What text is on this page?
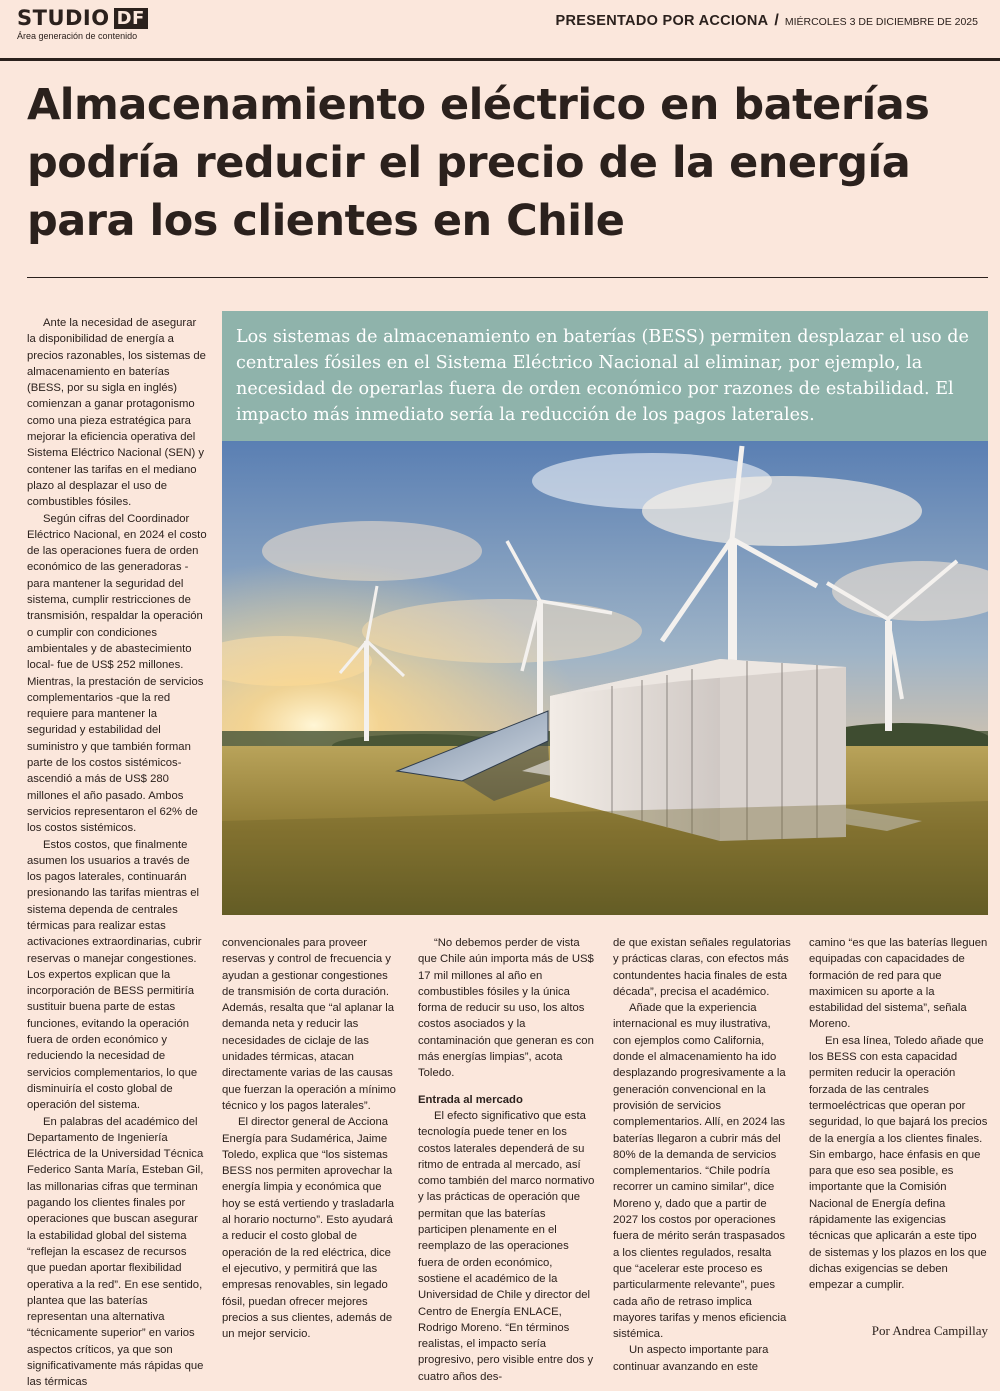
STUDIO DF
Área generación de contenido
PRESENTADO POR ACCIONA / MIÉRCOLES 3 DE DICIEMBRE DE 2025
Almacenamiento eléctrico en baterías podría reducir el precio de la energía para los clientes en Chile

Ante la necesidad de asegurar la disponibilidad de energía a precios razonables, los sistemas de almacenamiento en baterías (BESS, por su sigla en inglés) comienzan a ganar protagonismo como una pieza estratégica para mejorar la eficiencia operativa del Sistema Eléctrico Nacional (SEN) y contener las tarifas en el mediano plazo al desplazar el uso de combustibles fósiles.

Según cifras del Coordinador Eléctrico Nacional, en 2024 el costo de las operaciones fuera de orden económico de las generadoras -para mantener la seguridad del sistema, cumplir restricciones de transmisión, respaldar la operación o cumplir con condiciones ambientales y de abastecimiento local- fue de US$ 252 millones. Mientras, la prestación de servicios complementarios -que la red requiere para mantener la seguridad y estabilidad del suministro y que también forman parte de los costos sistémicos- ascendió a más de US$ 280 millones el año pasado. Ambos servicios representaron el 62% de los costos sistémicos.

Estos costos, que finalmente asumen los usuarios a través de los pagos laterales, continuarán presionando las tarifas mientras el sistema dependa de centrales térmicas para realizar estas activaciones extraordinarias, cubrir reservas o manejar congestiones. Los expertos explican que la incorporación de BESS permitiría sustituir buena parte de estas funciones, evitando la operación fuera de orden económico y reduciendo la necesidad de servicios complementarios, lo que disminuiría el costo global de operación del sistema.

En palabras del académico del Departamento de Ingeniería Eléctrica de la Universidad Técnica Federico Santa María, Esteban Gil, las millonarias cifras que terminan pagando los clientes finales por operaciones que buscan asegurar la estabilidad global del sistema “reflejan la escasez de recursos que puedan aportar flexibilidad operativa a la red”. En ese sentido, plantea que las baterías representan una alternativa “técnicamente superior” en varios aspectos críticos, ya que son significativamente más rápidas que las térmicas

Los sistemas de almacenamiento en baterías (BESS) permiten desplazar el uso de centrales fósiles en el Sistema Eléctrico Nacional al eliminar, por ejemplo, la necesidad de operarlas fuera de orden económico por razones de estabilidad. El impacto más inmediato sería la reducción de los pagos laterales.

convencionales para proveer reservas y control de frecuencia y ayudan a gestionar congestiones de transmisión de corta duración. Además, resalta que “al aplanar la demanda neta y reducir las necesidades de ciclaje de las unidades térmicas, atacan directamente varias de las causas que fuerzan la operación a mínimo técnico y los pagos laterales”.

El director general de Acciona Energía para Sudamérica, Jaime Toledo, explica que “los sistemas BESS nos permiten aprovechar la energía limpia y económica que hoy se está vertiendo y trasladarla al horario nocturno”. Esto ayudará a reducir el costo global de operación de la red eléctrica, dice el ejecutivo, y permitirá que las empresas renovables, sin legado fósil, puedan ofrecer mejores precios a sus clientes, además de un mejor servicio.

“No debemos perder de vista que Chile aún importa más de US$ 17 mil millones al año en combustibles fósiles y la única forma de reducir su uso, los altos costos asociados y la contaminación que generan es con más energías limpias”, acota Toledo.

Entrada al mercado

El efecto significativo que esta tecnología puede tener en los costos laterales dependerá de su ritmo de entrada al mercado, así como también del marco normativo y las prácticas de operación que permitan que las baterías participen plenamente en el reemplazo de las operaciones fuera de orden económico, sostiene el académico de la Universidad de Chile y director del Centro de Energía ENLACE, Rodrigo Moreno. “En términos realistas, el impacto sería progresivo, pero visible entre dos y cuatro años des-

de que existan señales regulatorias y prácticas claras, con efectos más contundentes hacia finales de esta década”, precisa el académico.

Añade que la experiencia internacional es muy ilustrativa, con ejemplos como California, donde el almacenamiento ha ido desplazando progresivamente a la generación convencional en la provisión de servicios complementarios. Allí, en 2024 las baterías llegaron a cubrir más del 80% de la demanda de servicios complementarios. “Chile podría recorrer un camino similar”, dice Moreno y, dado que a partir de 2027 los costos por operaciones fuera de mérito serán traspasados a los clientes regulados, resalta que “acelerar este proceso es particularmente relevante”, pues cada año de retraso implica mayores tarifas y menos eficiencia sistémica.

Un aspecto importante para continuar avanzando en este

camino “es que las baterías lleguen equipadas con capacidades de formación de red para que maximicen su aporte a la estabilidad del sistema”, señala Moreno.

En esa línea, Toledo añade que los BESS con esta capacidad permiten reducir la operación forzada de las centrales termoeléctricas que operan por seguridad, lo que bajará los precios de la energía a los clientes finales. Sin embargo, hace énfasis en que para que eso sea posible, es importante que la Comisión Nacional de Energía defina rápidamente las exigencias técnicas que aplicarán a este tipo de sistemas y los plazos en los que dichas exigencias se deben empezar a cumplir.

Por Andrea Campillay
